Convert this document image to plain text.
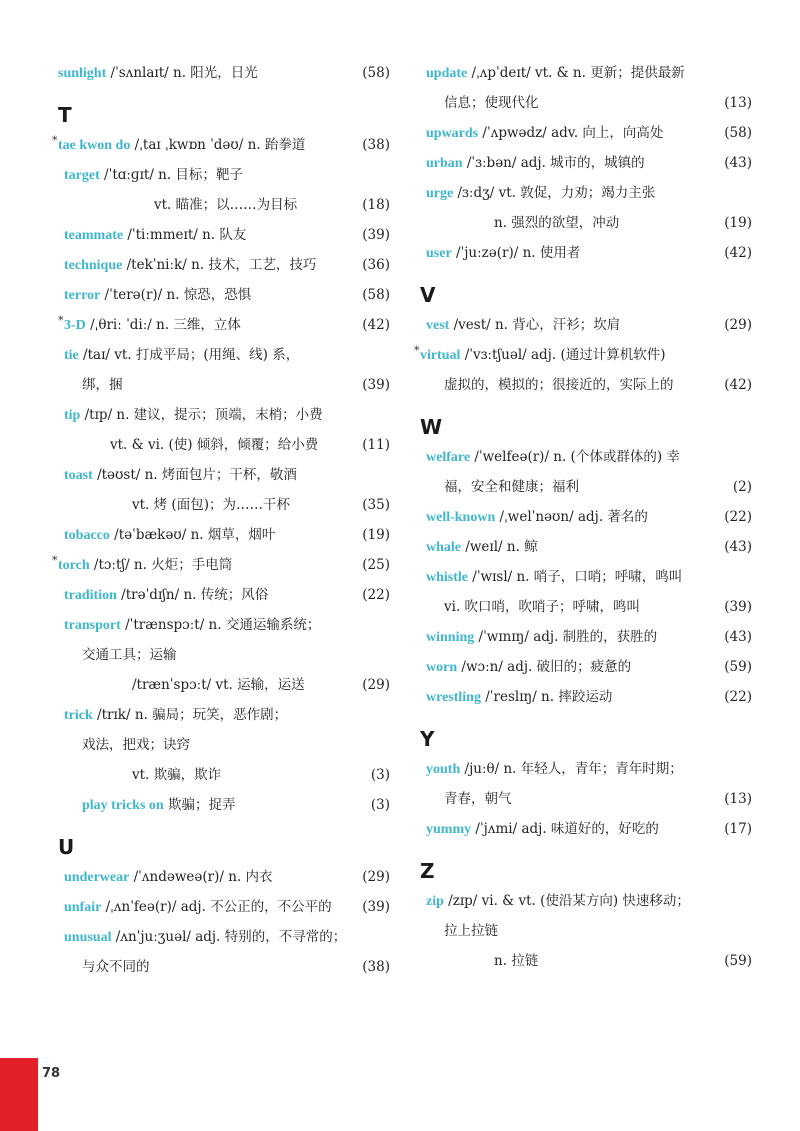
sunlight /ˈsʌnlaɪt/ n. 阳光，日光	(58)
T
* tae kwon do /ˌtaɪ ˌkwɒn ˈdəʊ/ n. 跆拳道	(38)
target /ˈtɑːɡɪt/ n. 目标；靶子
vt. 瞄准；以……为目标	(18)
teammate /ˈtiːmmeɪt/ n. 队友	(39)
technique /tekˈniːk/ n. 技术，工艺，技巧	(36)
terror /ˈterə(r)/ n. 惊恐，恐惧	(58)
* 3-D /ˌθriː ˈdiː/ n. 三维，立体	(42)
tie /taɪ/ vt. 打成平局；(用绳、线) 系，
绑，捆	(39)
tip /tɪp/ n. 建议，提示；顶端，末梢；小费
vt. & vi. (使) 倾斜，倾覆；给小费	(11)
toast /təʊst/ n. 烤面包片；干杯，敬酒
vt. 烤 (面包)；为……干杯	(35)
tobacco /təˈbækəʊ/ n. 烟草，烟叶	(19)
* torch /tɔːtʃ/ n. 火炬；手电筒	(25)
tradition /trəˈdɪʃn/ n. 传统；风俗	(22)
transport /ˈtrænspɔːt/ n. 交通运输系统；
交通工具；运输
/trænˈspɔːt/ vt. 运输，运送	(29)
trick /trɪk/ n. 骗局；玩笑，恶作剧；
戏法，把戏；诀窍
vt. 欺骗，欺诈	(3)
play tricks on 欺骗；捉弄	(3)
U
underwear /ˈʌndəweə(r)/ n. 内衣	(29)
unfair /ˌʌnˈfeə(r)/ adj. 不公正的，不公平的 (39)
unusual /ʌnˈjuːʒuəl/ adj. 特别的，不寻常的；
与众不同的	(38)
update /ˌʌpˈdeɪt/ vt. & n. 更新；提供最新
信息；使现代化	(13)
upwards /ˈʌpwədz/ adv. 向上，向高处	(58)
urban /ˈɜːbən/ adj. 城市的，城镇的	(43)
urge /ɜːdʒ/ vt. 敦促，力劝；竭力主张
n. 强烈的欲望，冲动	(19)
user /ˈjuːzə(r)/ n. 使用者	(42)
V
vest /vest/ n. 背心，汗衫；坎肩	(29)
* virtual /ˈvɜːtʃuəl/ adj. (通过计算机软件)
虚拟的，模拟的；很接近的，实际上的	(42)
W
welfare /ˈwelfeə(r)/ n. (个体或群体的) 幸
福，安全和健康；福利	(2)
well-known /ˌwelˈnəʊn/ adj. 著名的	(22)
whale /weɪl/ n. 鲸	(43)
whistle /ˈwɪsl/ n. 哨子，口哨；呼啸，鸣叫
vi. 吹口哨，吹哨子；呼啸，鸣叫	(39)
winning /ˈwɪnɪŋ/ adj. 制胜的，获胜的	(43)
worn /wɔːn/ adj. 破旧的；疲惫的	(59)
wrestling /ˈreslɪŋ/ n. 摔跤运动	(22)
Y
youth /juːθ/ n. 年轻人，青年；青年时期；
青春，朝气	(13)
yummy /ˈjʌmi/ adj. 味道好的，好吃的	(17)
Z
zip /zɪp/ vi. & vt. (使沿某方向) 快速移动；
拉上拉链
n. 拉链	(59)
78
